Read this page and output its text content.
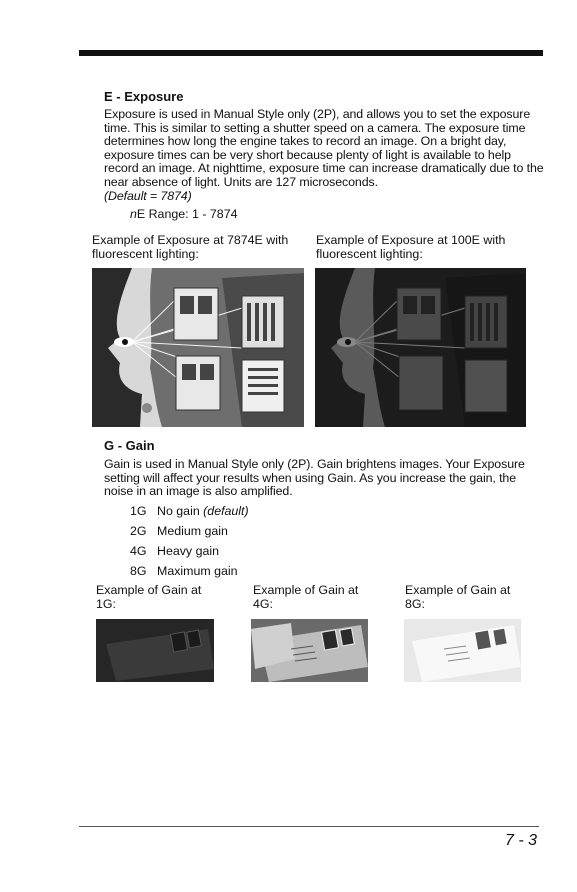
E - Exposure
Exposure is used in Manual Style only (2P), and allows you to set the exposure time. This is similar to setting a shutter speed on a camera. The exposure time determines how long the engine takes to record an image. On a bright day, exposure times can be very short because plenty of light is available to help record an image. At nighttime, exposure time can increase dramatically due to the near absence of light. Units are 127 microseconds.
(Default = 7874)
nE Range: 1 - 7874
Example of Exposure at 7874E with fluorescent lighting:
Example of Exposure at 100E with fluorescent lighting:
G - Gain
Gain is used in Manual Style only (2P). Gain brightens images. Your Exposure setting will affect your results when using Gain. As you increase the gain, the noise in an image is also amplified.
1G No gain (default)
2G Medium gain
4G Heavy gain
8G Maximum gain
Example of Gain at 1G:
Example of Gain at 4G:
Example of Gain at 8G:
7 - 3
